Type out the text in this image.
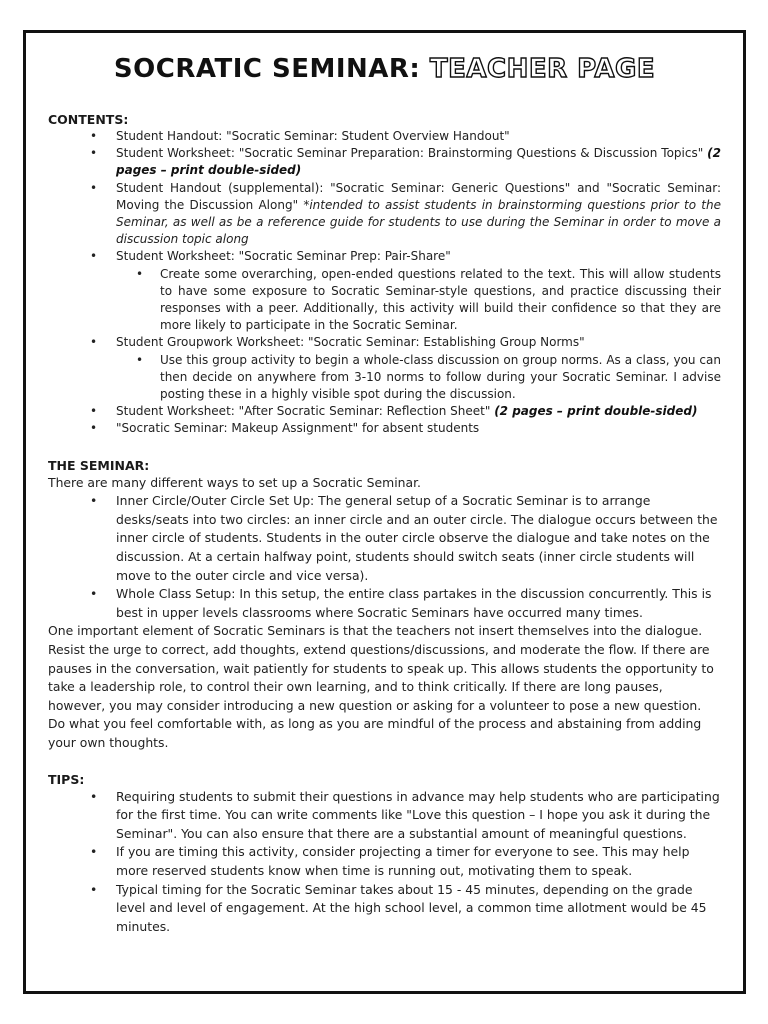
SOCRATIC SEMINAR: TEACHER PAGE
CONTENTS:
• Student Handout: "Socratic Seminar: Student Overview Handout"
• Student Worksheet: "Socratic Seminar Preparation: Brainstorming Questions & Discussion Topics" (2 pages – print double-sided)
• Student Handout (supplemental): "Socratic Seminar: Generic Questions" and "Socratic Seminar: Moving the Discussion Along" *intended to assist students in brainstorming questions prior to the Seminar, as well as be a reference guide for students to use during the Seminar in order to move a discussion topic along
• Student Worksheet: "Socratic Seminar Prep: Pair-Share"
• Create some overarching, open-ended questions related to the text. This will allow students to have some exposure to Socratic Seminar-style questions, and practice discussing their responses with a peer. Additionally, this activity will build their confidence so that they are more likely to participate in the Socratic Seminar.
• Student Groupwork Worksheet: "Socratic Seminar: Establishing Group Norms"
• Use this group activity to begin a whole-class discussion on group norms. As a class, you can then decide on anywhere from 3-10 norms to follow during your Socratic Seminar. I advise posting these in a highly visible spot during the discussion.
• Student Worksheet: "After Socratic Seminar: Reflection Sheet" (2 pages – print double-sided)
• "Socratic Seminar: Makeup Assignment" for absent students
THE SEMINAR:

There are many different ways to set up a Socratic Seminar.

• Inner Circle/Outer Circle Set Up: The general setup of a Socratic Seminar is to arrange desks/seats into two circles: an inner circle and an outer circle. The dialogue occurs between the inner circle of students. Students in the outer circle observe the dialogue and take notes on the discussion. At a certain halfway point, students should switch seats (inner circle students will move to the outer circle and vice versa).
• Whole Class Setup: In this setup, the entire class partakes in the discussion concurrently. This is best in upper levels classrooms where Socratic Seminars have occurred many times.

One important element of Socratic Seminars is that the teachers not insert themselves into the dialogue. Resist the urge to correct, add thoughts, extend questions/discussions, and moderate the flow. If there are pauses in the conversation, wait patiently for students to speak up. This allows students the opportunity to take a leadership role, to control their own learning, and to think critically. If there are long pauses, however, you may consider introducing a new question or asking for a volunteer to pose a new question. Do what you feel comfortable with, as long as you are mindful of the process and abstaining from adding your own thoughts.

TIPS:
• Requiring students to submit their questions in advance may help students who are participating for the first time. You can write comments like "Love this question – I hope you ask it during the Seminar". You can also ensure that there are a substantial amount of meaningful questions.
• If you are timing this activity, consider projecting a timer for everyone to see. This may help more reserved students know when time is running out, motivating them to speak.
• Typical timing for the Socratic Seminar takes about 15 - 45 minutes, depending on the grade level and level of engagement. At the high school level, a common time allotment would be 45 minutes.
